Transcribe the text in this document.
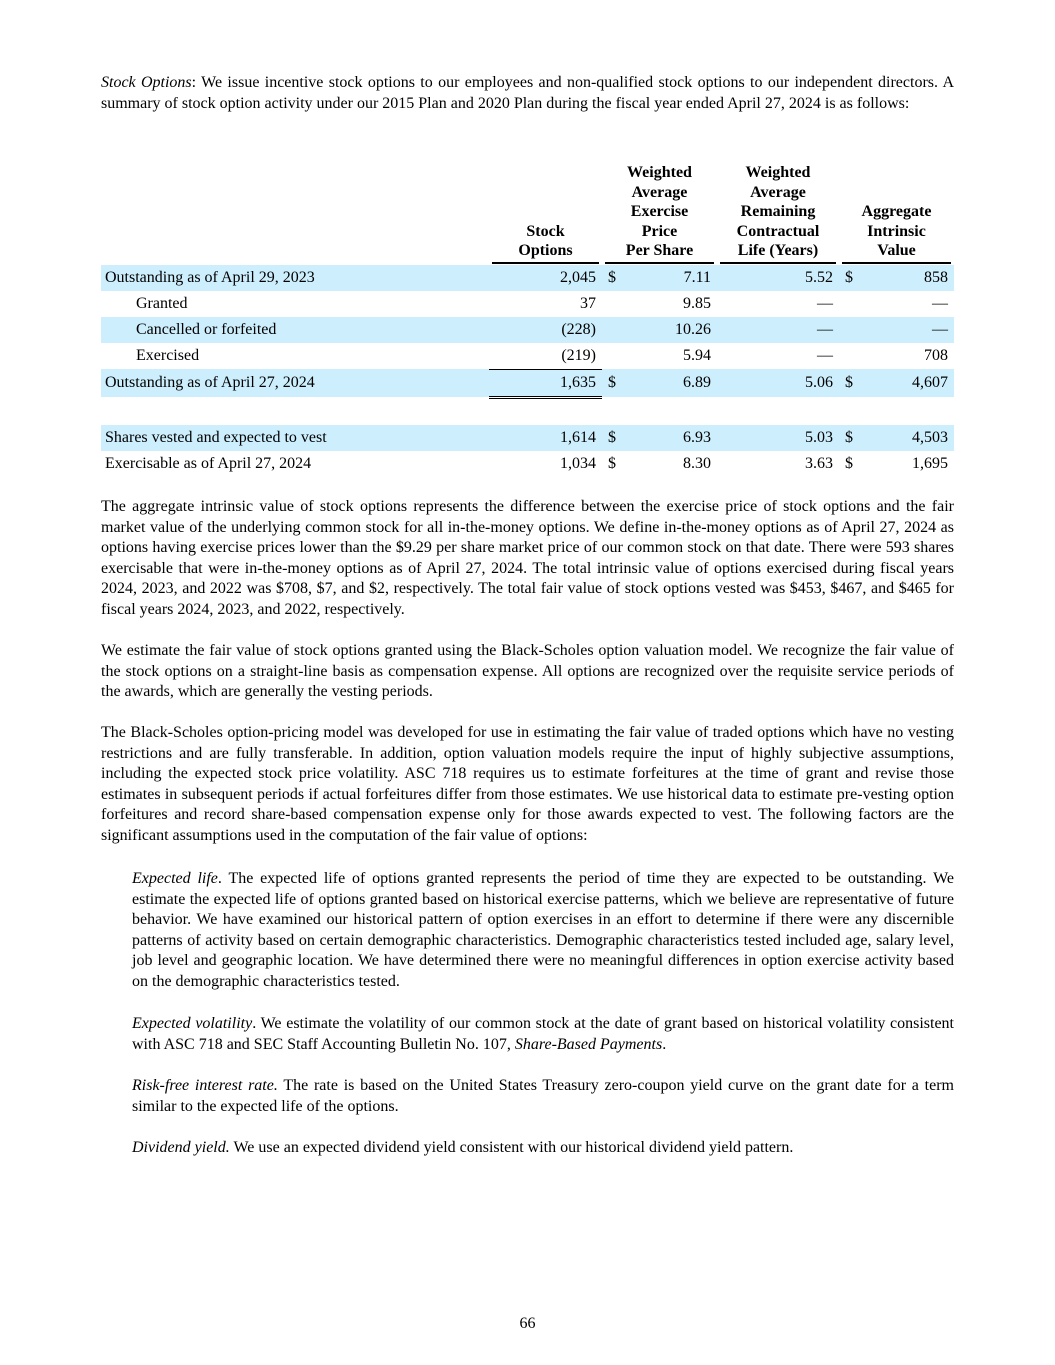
Stock Options: We issue incentive stock options to our employees and non-qualified stock options to our independent directors. A summary of stock option activity under our 2015 Plan and 2020 Plan during the fiscal year ended April 27, 2024 is as follows:

Stock
Options

Weighted
Average
Exercise
Price
Per Share

Weighted
Average
Remaining
Contractual
Life (Years)

Aggregate
Intrinsic
Value

Outstanding as of April 29, 2023	2,045	$	7.11	5.52	$	858
Granted	37		9.85	—		—
Cancelled or forfeited	(228)		10.26	—		—
Exercised	(219)		5.94	—		708
Outstanding as of April 27, 2024	1,635	$	6.89	5.06	$	4,607

Shares vested and expected to vest	1,614	$	6.93	5.03	$	4,503
Exercisable as of April 27, 2024	1,034	$	8.30	3.63	$	1,695

The aggregate intrinsic value of stock options represents the difference between the exercise price of stock options and the fair market value of the underlying common stock for all in-the-money options. We define in-the-money options as of April 27, 2024 as options having exercise prices lower than the $9.29 per share market price of our common stock on that date. There were 593 shares exercisable that were in-the-money options as of April 27, 2024. The total intrinsic value of options exercised during fiscal years 2024, 2023, and 2022 was $708, $7, and $2, respectively. The total fair value of stock options vested was $453, $467, and $465 for fiscal years 2024, 2023, and 2022, respectively.

We estimate the fair value of stock options granted using the Black-Scholes option valuation model. We recognize the fair value of the stock options on a straight-line basis as compensation expense. All options are recognized over the requisite service periods of the awards, which are generally the vesting periods.

The Black-Scholes option-pricing model was developed for use in estimating the fair value of traded options which have no vesting restrictions and are fully transferable. In addition, option valuation models require the input of highly subjective assumptions, including the expected stock price volatility. ASC 718 requires us to estimate forfeitures at the time of grant and revise those estimates in subsequent periods if actual forfeitures differ from those estimates. We use historical data to estimate pre-vesting option forfeitures and record share-based compensation expense only for those awards expected to vest. The following factors are the significant assumptions used in the computation of the fair value of options:

Expected life. The expected life of options granted represents the period of time they are expected to be outstanding. We estimate the expected life of options granted based on historical exercise patterns, which we believe are representative of future behavior. We have examined our historical pattern of option exercises in an effort to determine if there were any discernible patterns of activity based on certain demographic characteristics. Demographic characteristics tested included age, salary level, job level and geographic location. We have determined there were no meaningful differences in option exercise activity based on the demographic characteristics tested.

Expected volatility. We estimate the volatility of our common stock at the date of grant based on historical volatility consistent with ASC 718 and SEC Staff Accounting Bulletin No. 107, Share-Based Payments.

Risk-free interest rate. The rate is based on the United States Treasury zero-coupon yield curve on the grant date for a term similar to the expected life of the options.

Dividend yield. We use an expected dividend yield consistent with our historical dividend yield pattern.

66
